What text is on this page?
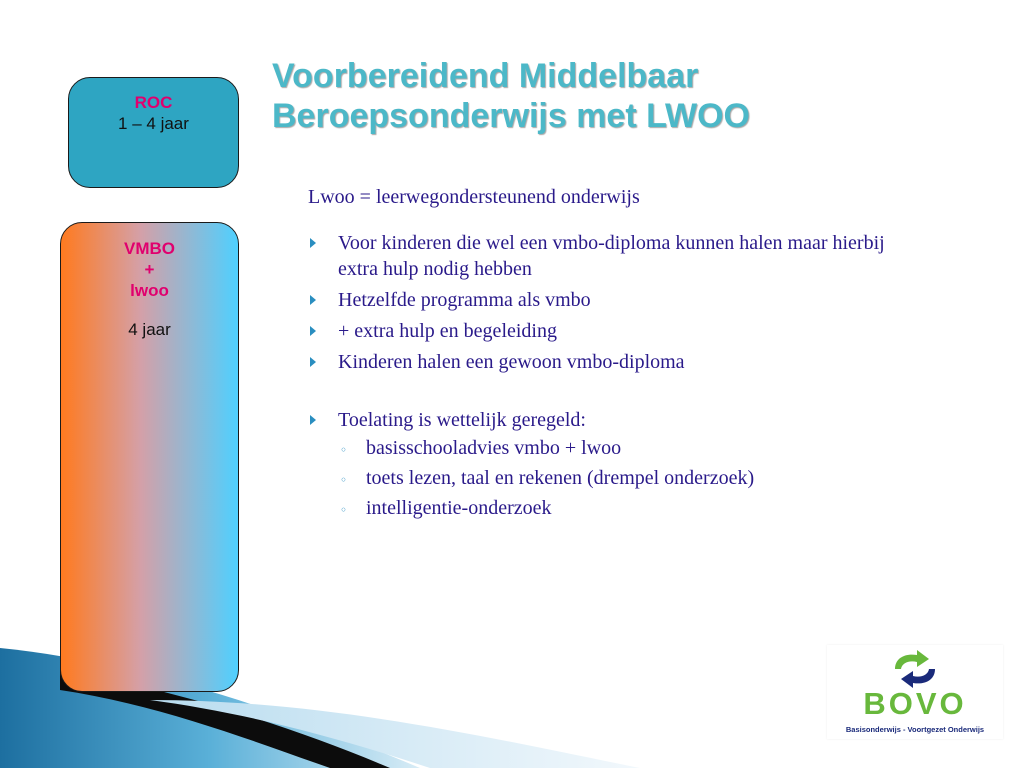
ROC
1 – 4 jaar
VMBO
+
lwoo
4 jaar
Voorbereidend Middelbaar Beroepsonderwijs met LWOO

Lwoo = leerwegondersteunend onderwijs

Voor kinderen die wel een vmbo-diploma kunnen halen maar hierbij extra hulp nodig hebben
Hetzelfde programma als vmbo
+ extra hulp en begeleiding
Kinderen halen een gewoon vmbo-diploma
Toelating is wettelijk geregeld:
◦ basisschooladvies vmbo + lwoo
◦ toets lezen, taal en rekenen (drempel onderzoek)
◦ intelligentie-onderzoek
BOVO
Basisonderwijs - Voortgezet Onderwijs
